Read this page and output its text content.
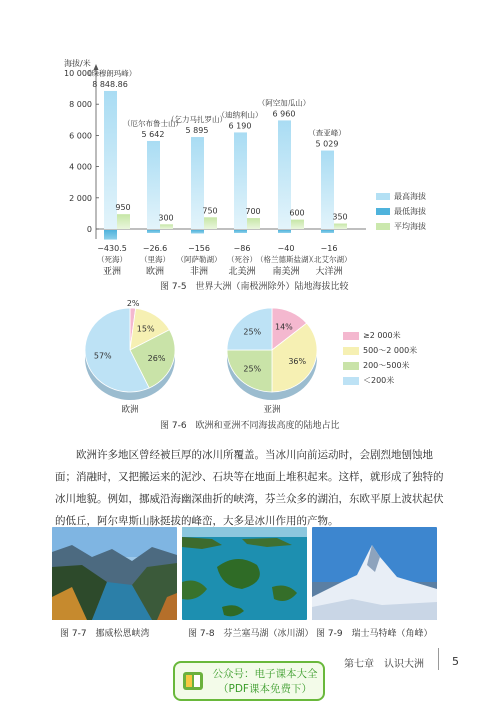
海拔/米
10 000
8 000
6 000
4 000
2 000
0
8 848.86
（珠穆朗玛峰）
950
−430.5
（死海）
亚洲
5 642
（厄尔布鲁士山）
300
−26.6
（里海）
欧洲
5 895
（乞力马扎罗山）
750
−156
（阿萨勒湖）
非洲
6 190
（迪纳利山）
700
−86
（死谷）
北美洲
6 960
（阿空加瓜山）
600
−40
（格兰德斯盐湖）
南美洲
5 029
（查亚峰）
350
−16
（北艾尔湖）
大洋洲
最高海拔
最低海拔
平均海拔
图 7-5　世界大洲（南极洲除外）陆地海拔比较
2%
15%
26%
57%
欧洲
14%
36%
25%
25%
亚洲
≥2 000米
500～2 000米
200～500米
＜200米
图 7-6　欧洲和亚洲不同海拔高度的陆地占比

欧洲许多地区曾经被巨厚的冰川所覆盖。当冰川向前运动时，会剧烈地刨蚀地面；消融时，又把搬运来的泥沙、石块等在地面上堆积起来。这样，就形成了独特的冰川地貌。例如，挪威沿海幽深曲折的峡湾，芬兰众多的湖泊，东欧平原上波状起伏的低丘，阿尔卑斯山脉挺拔的峰峦，大多是冰川作用的产物。

图 7-7　挪威松恩峡湾	图 7-8　芬兰塞马湖（冰川湖） 图 7-9　瑞士马特峰（角峰）
第七章　认识大洲	5
公众号：电子课本大全
（PDF课本免费下）
